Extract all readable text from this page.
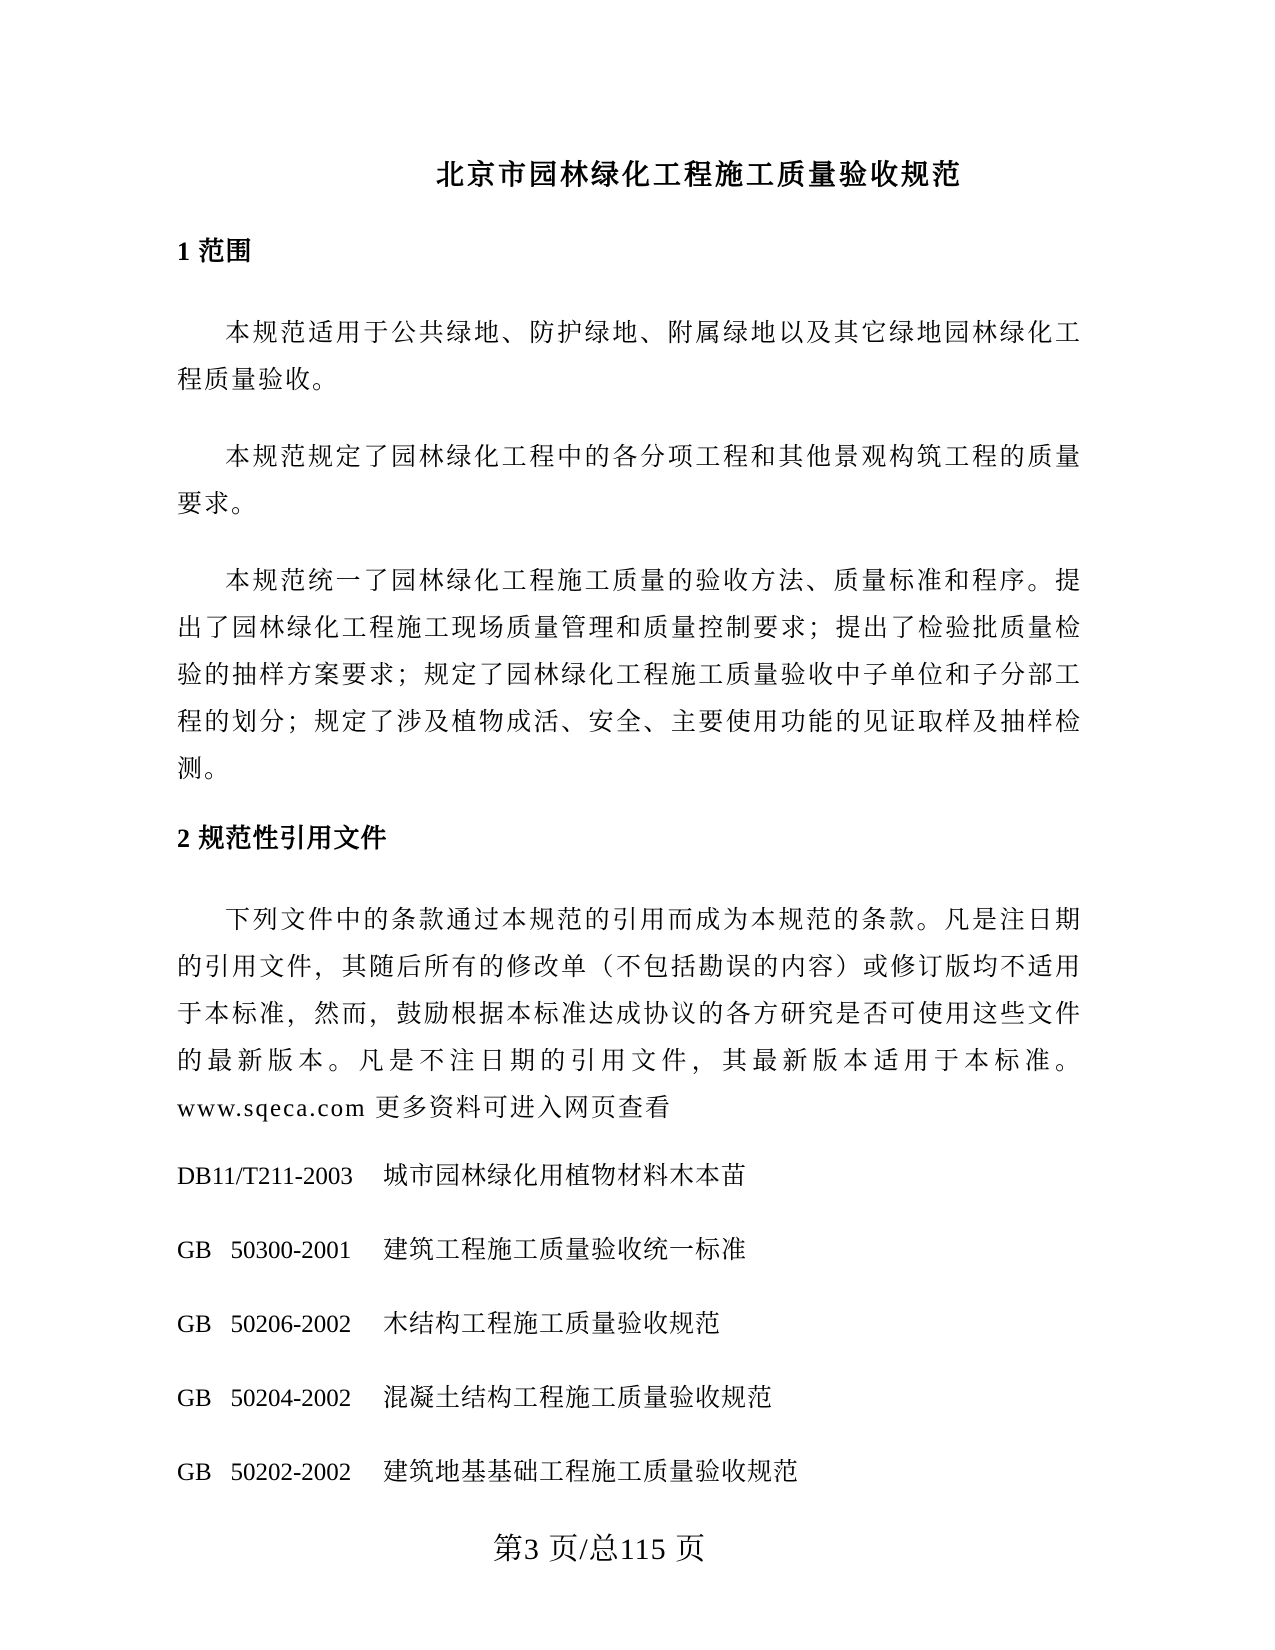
北京市园林绿化工程施工质量验收规范
1 范围

本规范适用于公共绿地、防护绿地、附属绿地以及其它绿地园林绿化工程质量验收。

本规范规定了园林绿化工程中的各分项工程和其他景观构筑工程的质量要求。

本规范统一了园林绿化工程施工质量的验收方法、质量标准和程序。提出了园林绿化工程施工现场质量管理和质量控制要求；提出了检验批质量检验的抽样方案要求；规定了园林绿化工程施工质量验收中子单位和子分部工程的划分；规定了涉及植物成活、安全、主要使用功能的见证取样及抽样检测。

2 规范性引用文件

下列文件中的条款通过本规范的引用而成为本规范的条款。凡是注日期的引用文件，其随后所有的修改单（不包括勘误的内容）或修订版均不适用于本标准，然而，鼓励根据本标准达成协议的各方研究是否可使用这些文件的最新版本。凡是不注日期的引用文件，其最新版本适用于本标准。www.sqeca.com 更多资料可进入网页查看

DB11/T211-2003 城市园林绿化用植物材料木本苗
GB   50300-2001 建筑工程施工质量验收统一标准
GB   50206-2002 木结构工程施工质量验收规范
GB   50204-2002 混凝土结构工程施工质量验收规范
GB   50202-2002 建筑地基基础工程施工质量验收规范
第3 页/总115 页
